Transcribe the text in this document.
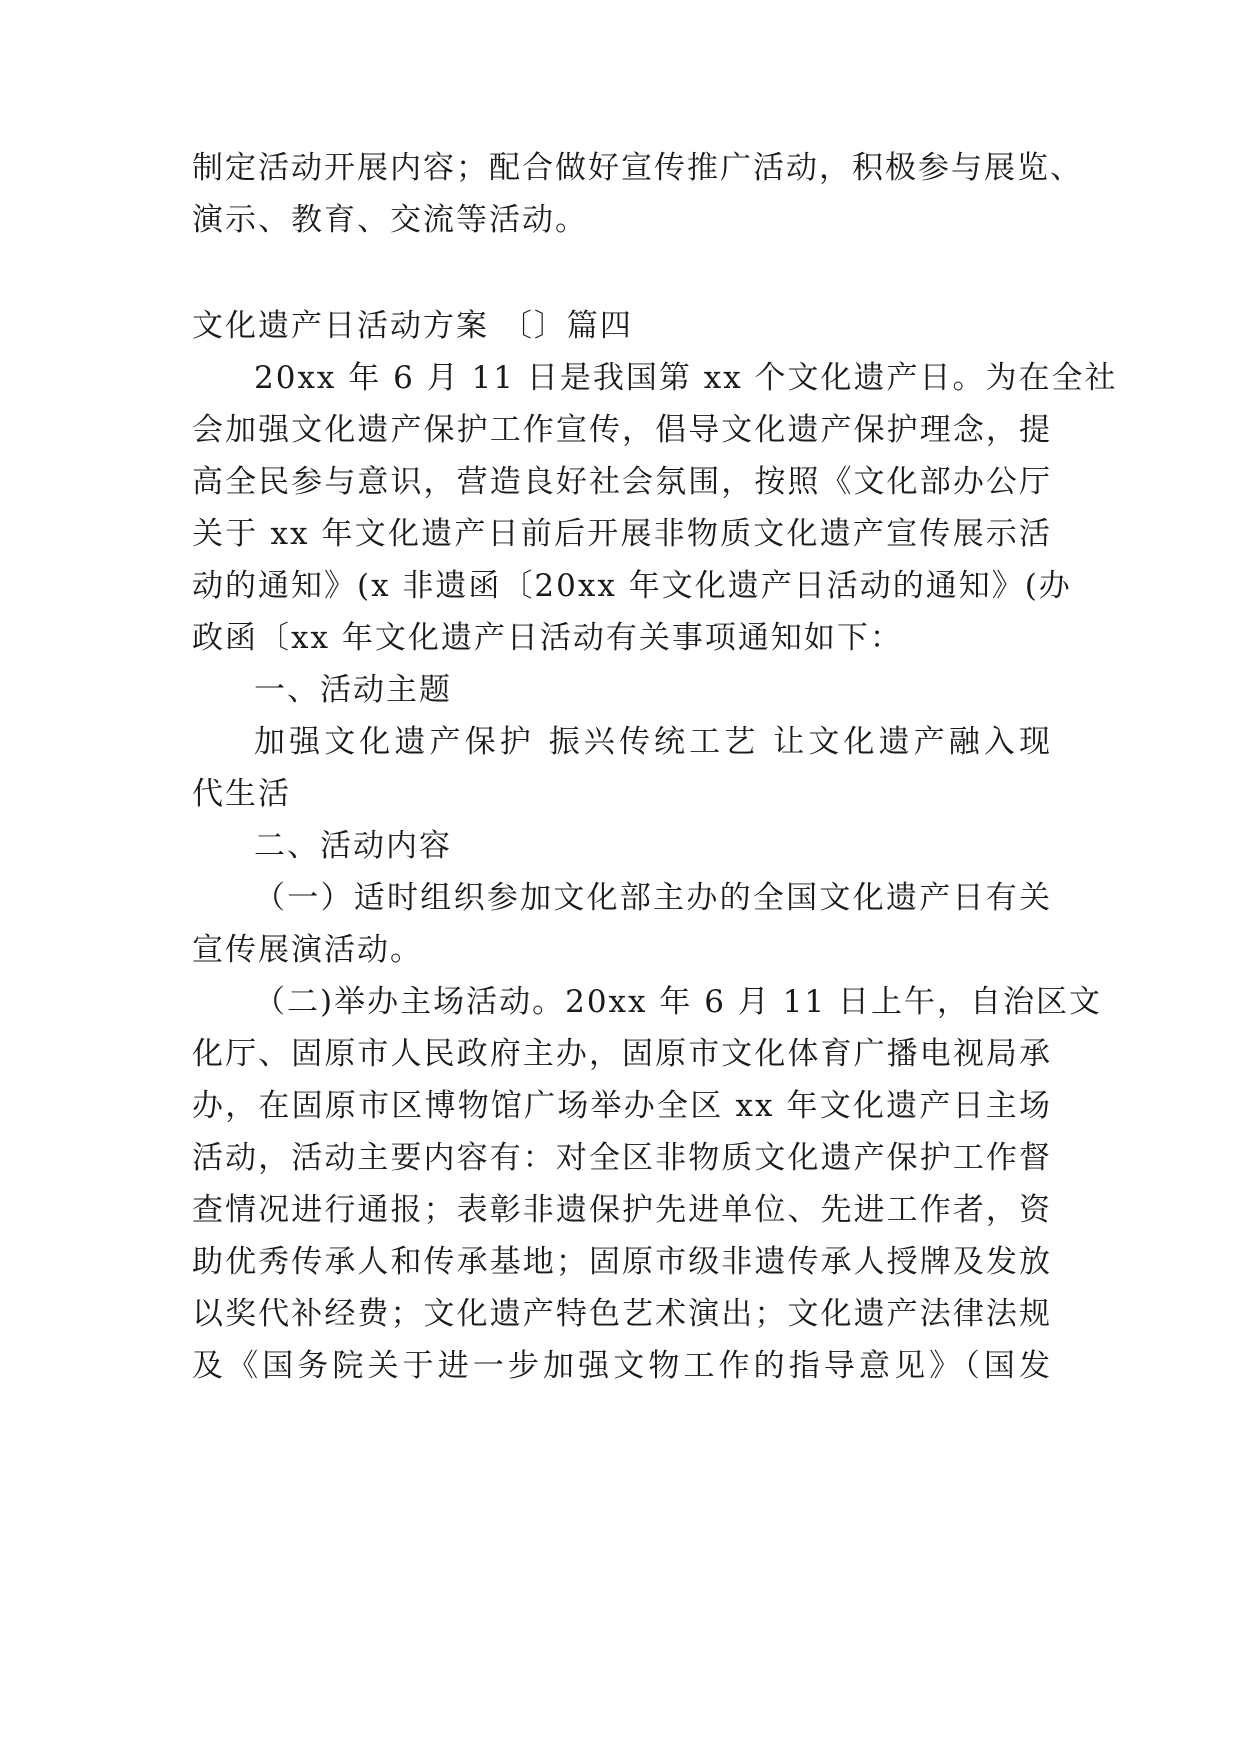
制定活动开展内容；配合做好宣传推广活动，积极参与展览、
演示、教育、交流等活动。
文化遗产日活动方案 〔〕篇四
20xx 年 6 月 11 日是我国第 xx 个文化遗产日。为在全社
会加强文化遗产保护工作宣传，倡导文化遗产保护理念，提
高全民参与意识，营造良好社会氛围，按照《文化部办公厅
关于 xx 年文化遗产日前后开展非物质文化遗产宣传展示活
动的通知》(x 非遗函〔20xx 年文化遗产日活动的通知》(办
政函〔xx 年文化遗产日活动有关事项通知如下：
一、活动主题
加强文化遗产保护 振兴传统工艺 让文化遗产融入现
代生活
二、活动内容
（一）适时组织参加文化部主办的全国文化遗产日有关
宣传展演活动。
（二)举办主场活动。20xx 年 6 月 11 日上午，自治区文
化厅、固原市人民政府主办，固原市文化体育广播电视局承
办，在固原市区博物馆广场举办全区 xx 年文化遗产日主场
活动，活动主要内容有：对全区非物质文化遗产保护工作督
查情况进行通报；表彰非遗保护先进单位、先进工作者，资
助优秀传承人和传承基地；固原市级非遗传承人授牌及发放
以奖代补经费；文化遗产特色艺术演出；文化遗产法律法规
及《国务院关于进一步加强文物工作的指导意见》（国发
